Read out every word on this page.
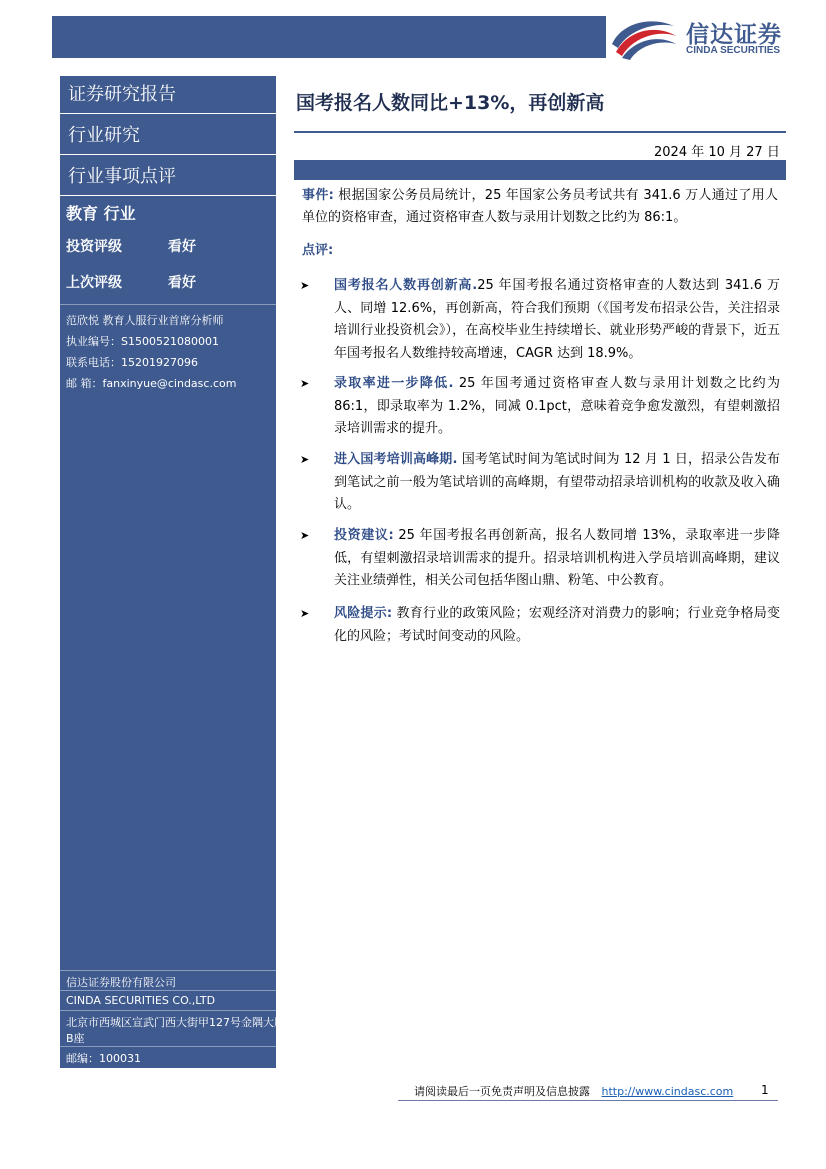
信达证券
CINDA SECURITIES
证券研究报告
行业研究
行业事项点评
教育 行业
投资评级	看好
上次评级	看好
范欣悦 教育人服行业首席分析师
执业编号：S1500521080001
联系电话：15201927096
邮 箱：fanxinyue@cindasc.com
信达证券股份有限公司
CINDA SECURITIES CO.,LTD
北京市西城区宣武门西大街甲127号金隅大厦
B座
邮编：100031
国考报名人数同比+13%，再创新高
2024 年 10 月 27 日
事件: 根据国家公务员局统计，25 年国家公务员考试共有 341.6 万人通过了用人单位的资格审查，通过资格审查人数与录用计划数之比约为 86:1。
点评:
➤ 国考报名人数再创新高.25 年国考报名通过资格审查的人数达到 341.6 万人、同增 12.6%，再创新高，符合我们预期（《国考发布招录公告，关注招录培训行业投资机会》），在高校毕业生持续增长、就业形势严峻的背景下，近五年国考报名人数维持较高增速，CAGR 达到 18.9%。
➤ 录取率进一步降低. 25 年国考通过资格审查人数与录用计划数之比约为 86:1，即录取率为 1.2%，同减 0.1pct，意味着竞争愈发激烈，有望刺激招录培训需求的提升。
➤ 进入国考培训高峰期. 国考笔试时间为笔试时间为 12 月 1 日，招录公告发布到笔试之前一般为笔试培训的高峰期，有望带动招录培训机构的收款及收入确认。
➤ 投资建议: 25 年国考报名再创新高，报名人数同增 13%，录取率进一步降低，有望刺激招录培训需求的提升。招录培训机构进入学员培训高峰期，建议关注业绩弹性，相关公司包括华图山鼎、粉笔、中公教育。
➤ 风险提示: 教育行业的政策风险；宏观经济对消费力的影响；行业竞争格局变化的风险；考试时间变动的风险。
请阅读最后一页免责声明及信息披露 http://www.cindasc.com 1
